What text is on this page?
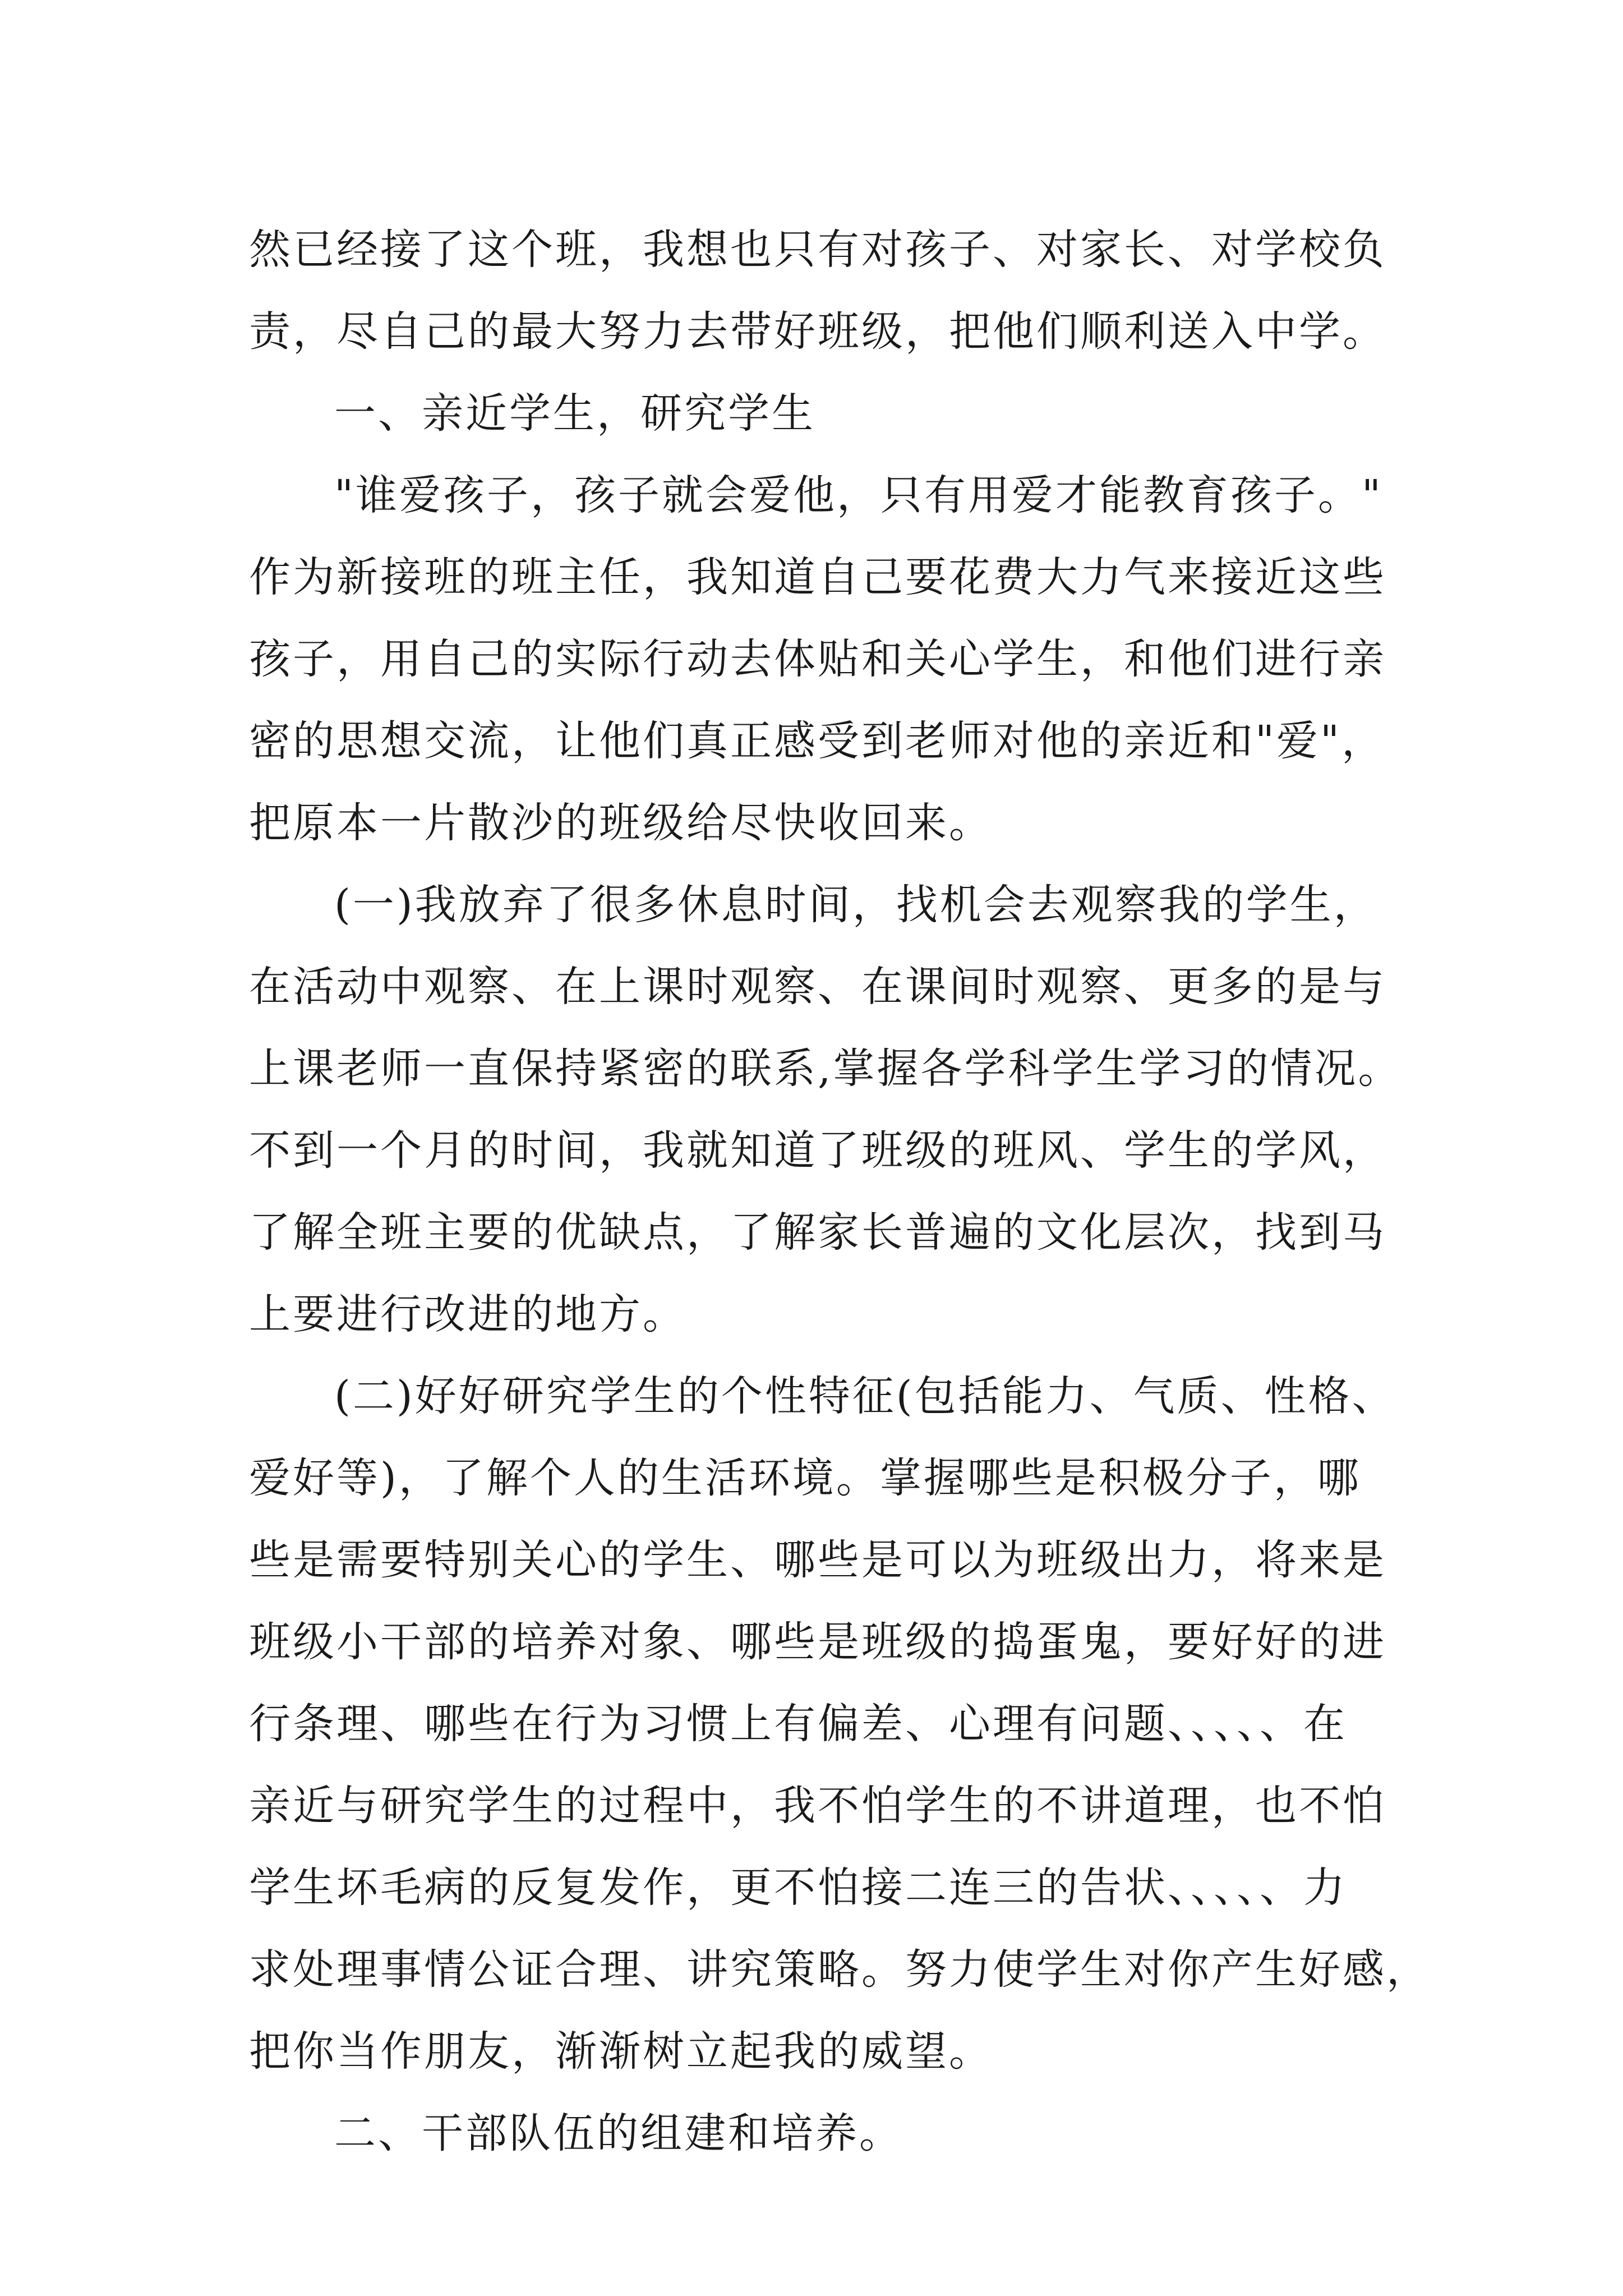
然已经接了这个班，我想也只有对孩子、对家长、对学校负

责，尽自己的最大努力去带好班级，把他们顺利送入中学。

一、亲近学生，研究学生

"谁爱孩子，孩子就会爱他，只有用爱才能教育孩子。"

作为新接班的班主任，我知道自己要花费大力气来接近这些

孩子，用自己的实际行动去体贴和关心学生，和他们进行亲

密的思想交流，让他们真正感受到老师对他的亲近和"爱"，

把原本一片散沙的班级给尽快收回来。

(一)我放弃了很多休息时间，找机会去观察我的学生，

在活动中观察、在上课时观察、在课间时观察、更多的是与

上课老师一直保持紧密的联系,掌握各学科学生学习的情况。

不到一个月的时间，我就知道了班级的班风、学生的学风，

了解全班主要的优缺点，了解家长普遍的文化层次，找到马

上要进行改进的地方。

(二)好好研究学生的个性特征(包括能力、气质、性格、

爱好等)，了解个人的生活环境。掌握哪些是积极分子，哪

些是需要特别关心的学生、哪些是可以为班级出力，将来是

班级小干部的培养对象、哪些是班级的捣蛋鬼，要好好的进

行条理、哪些在行为习惯上有偏差、心理有问题、、、、、在

亲近与研究学生的过程中，我不怕学生的不讲道理，也不怕

学生坏毛病的反复发作，更不怕接二连三的告状、、、、、力

求处理事情公证合理、讲究策略。努力使学生对你产生好感，

把你当作朋友，渐渐树立起我的威望。

二、干部队伍的组建和培养。
